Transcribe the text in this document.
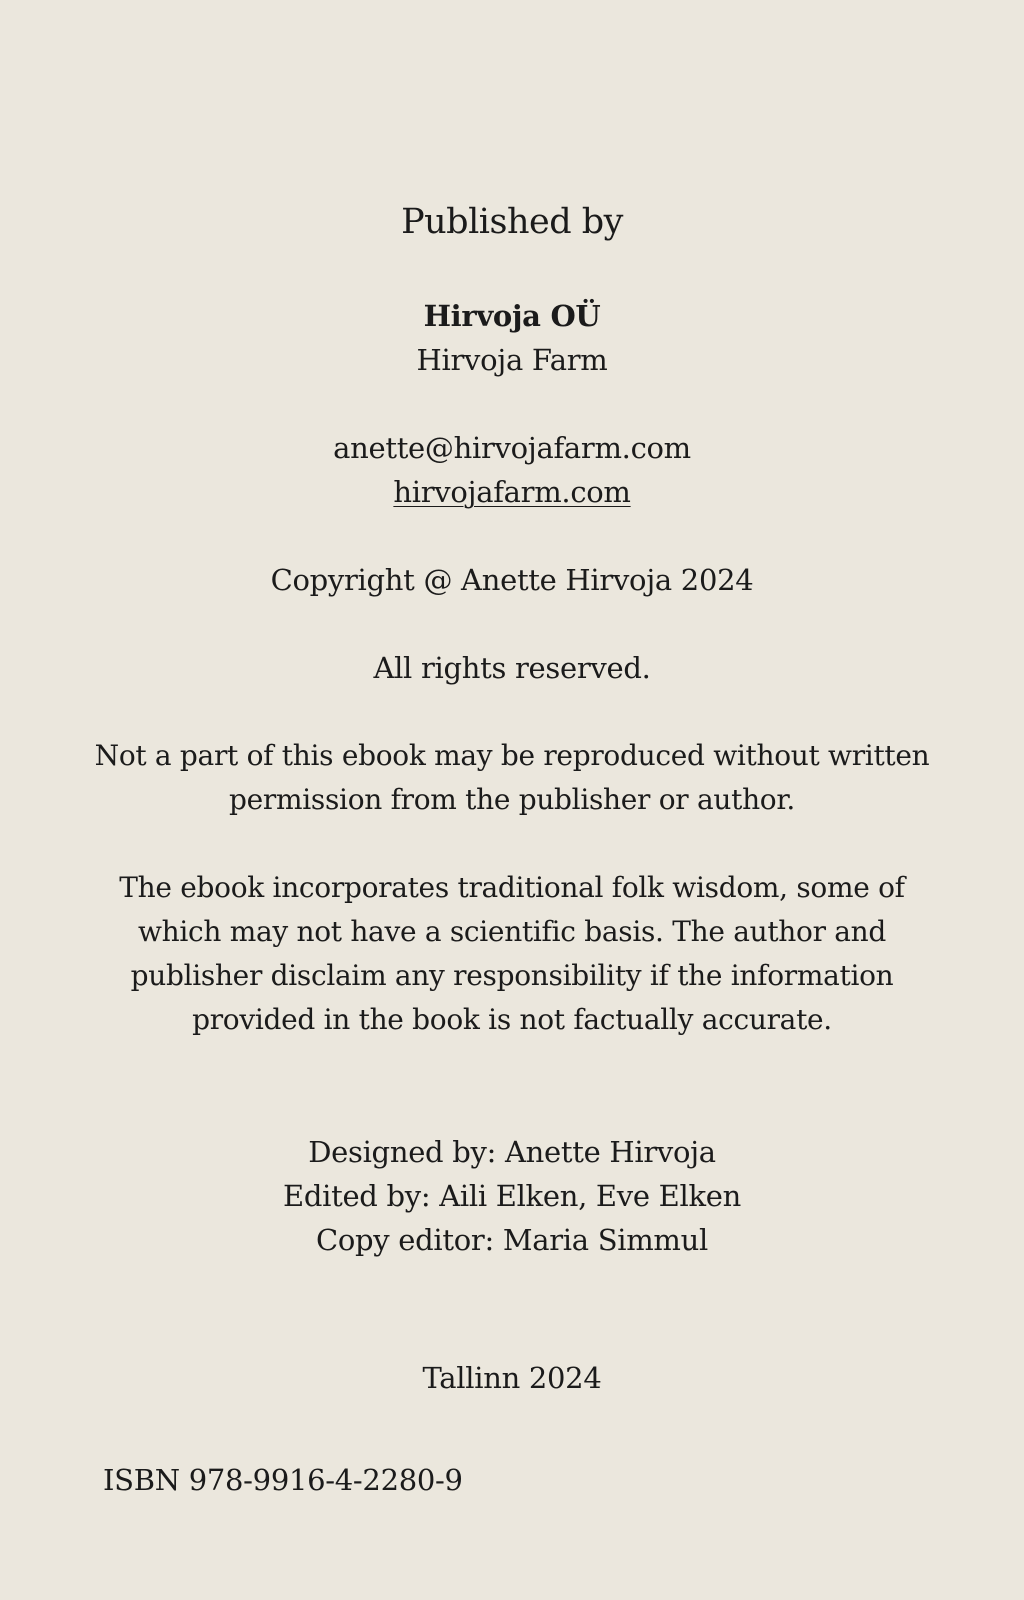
Published by
Hirvoja OÜ
Hirvoja Farm
anette@hirvojafarm.com
hirvojafarm.com
Copyright @ Anette Hirvoja 2024
All rights reserved.
Not a part of this ebook may be reproduced without written permission from the publisher or author.
The ebook incorporates traditional folk wisdom, some of which may not have a scientific basis. The author and publisher disclaim any responsibility if the information provided in the book is not factually accurate.
Designed by: Anette Hirvoja
Edited by: Aili Elken, Eve Elken
Copy editor: Maria Simmul
Tallinn 2024
ISBN 978-9916-4-2280-9
